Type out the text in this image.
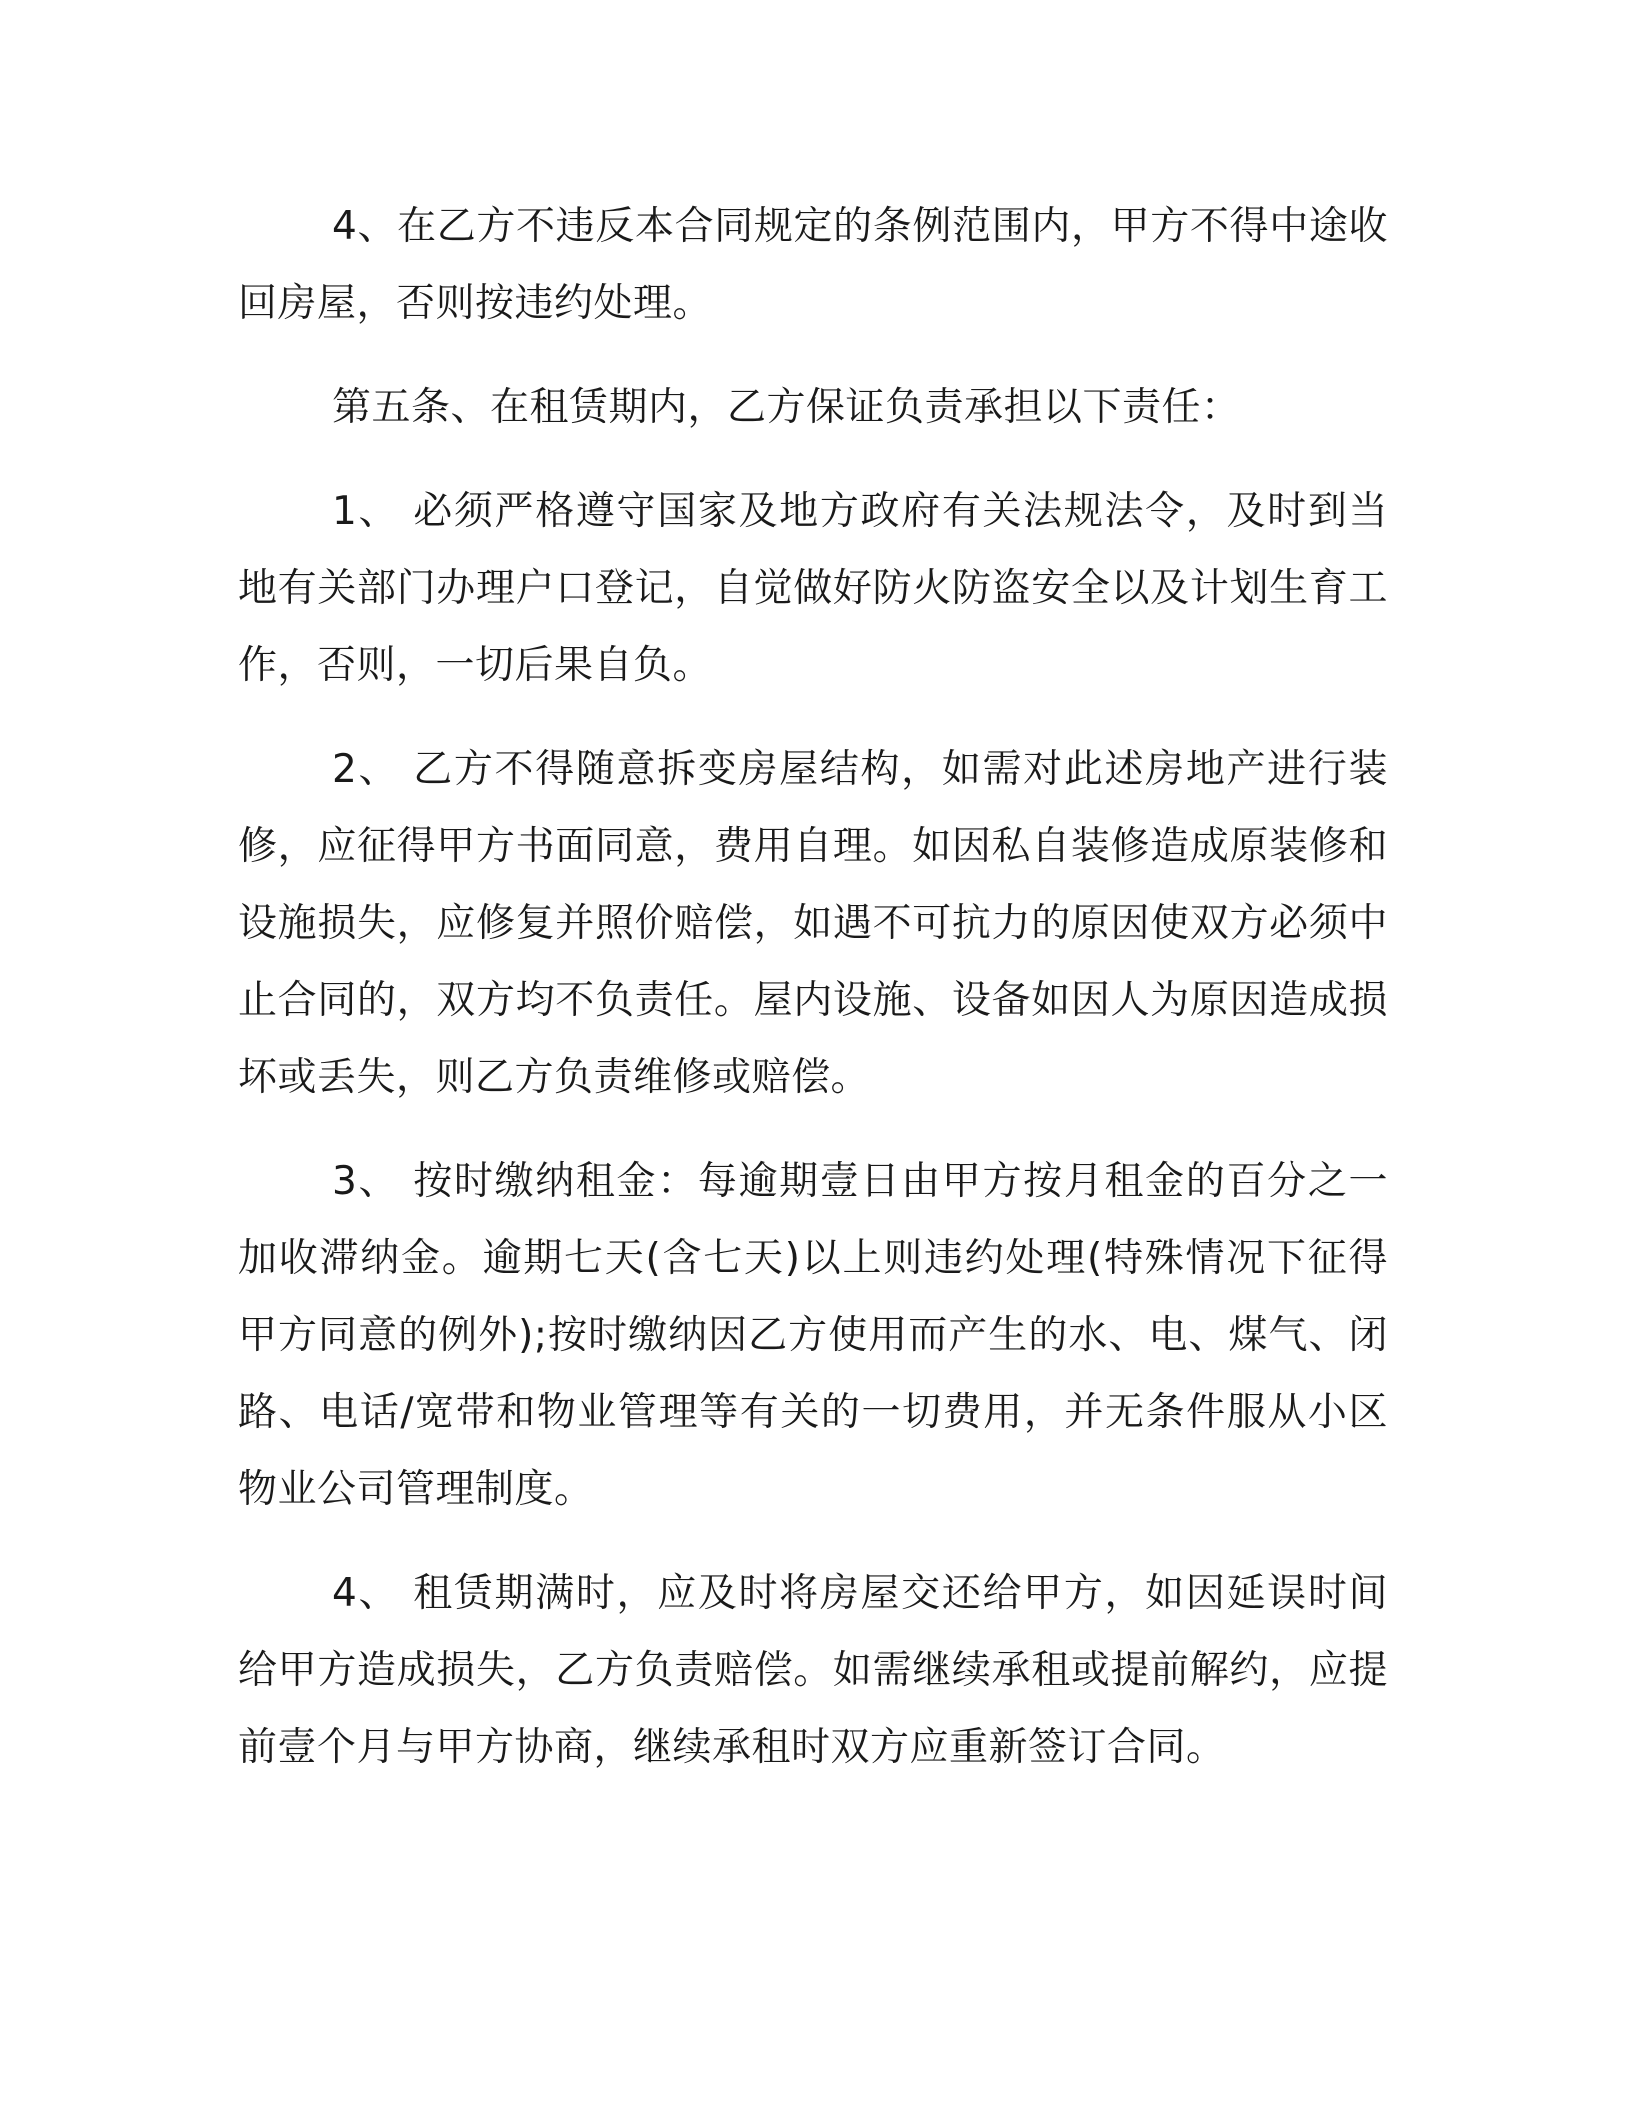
4、在乙方不违反本合同规定的条例范围内，甲方不得中途收回房屋，否则按违约处理。

第五条、在租赁期内，乙方保证负责承担以下责任：

1、 必须严格遵守国家及地方政府有关法规法令，及时到当地有关部门办理户口登记，自觉做好防火防盗安全以及计划生育工作，否则，一切后果自负。

2、 乙方不得随意拆变房屋结构，如需对此述房地产进行装修，应征得甲方书面同意，费用自理。如因私自装修造成原装修和设施损失，应修复并照价赔偿，如遇不可抗力的原因使双方必须中止合同的，双方均不负责任。屋内设施、设备如因人为原因造成损坏或丢失，则乙方负责维修或赔偿。

3、 按时缴纳租金：每逾期壹日由甲方按月租金的百分之一加收滞纳金。逾期七天(含七天)以上则违约处理(特殊情况下征得甲方同意的例外);按时缴纳因乙方使用而产生的水、电、煤气、闭路、电话/宽带和物业管理等有关的一切费用，并无条件服从小区物业公司管理制度。

4、 租赁期满时，应及时将房屋交还给甲方，如因延误时间给甲方造成损失，乙方负责赔偿。如需继续承租或提前解约，应提前壹个月与甲方协商，继续承租时双方应重新签订合同。
